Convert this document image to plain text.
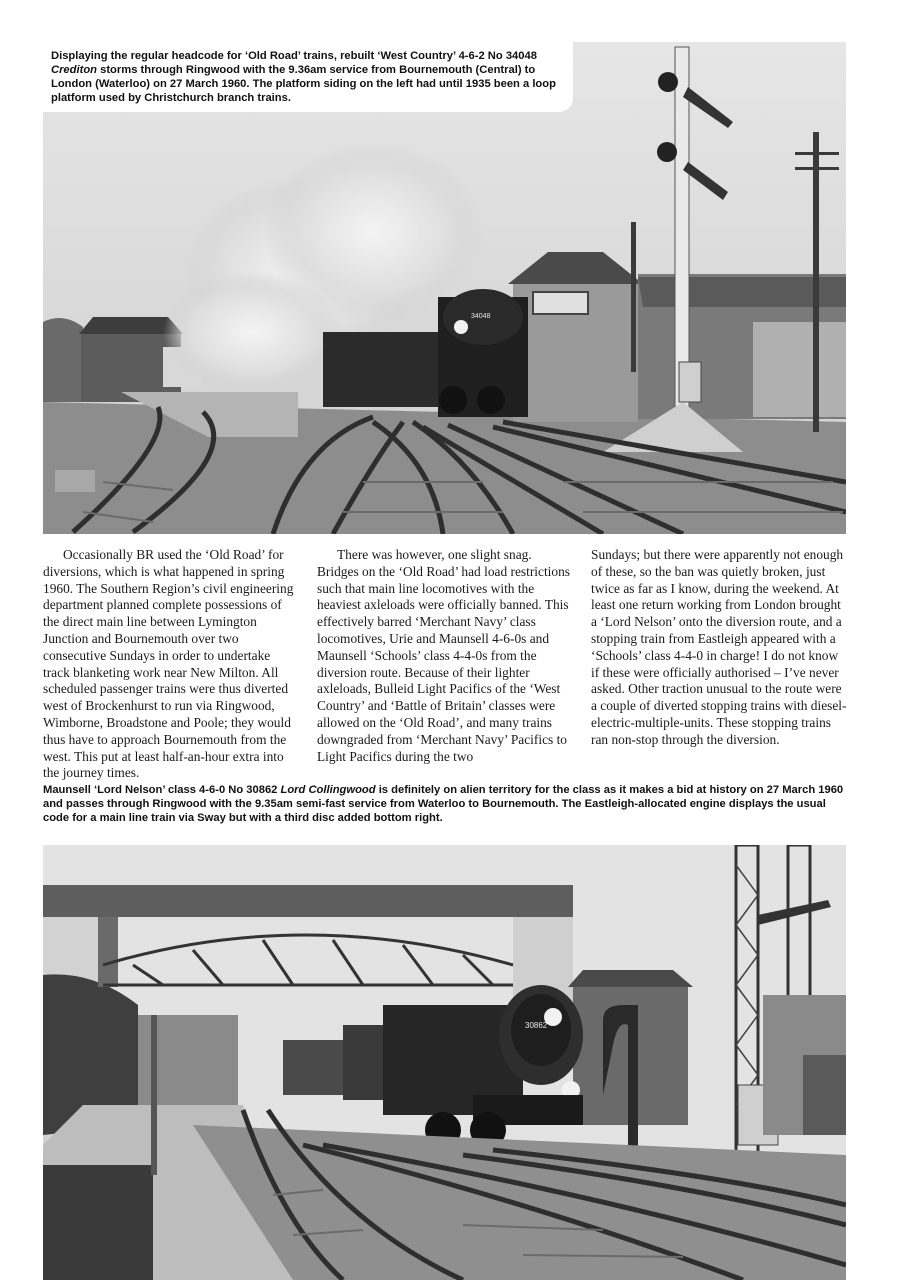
34048

Displaying the regular headcode for ‘Old Road’ trains, rebuilt ‘West Country’ 4-6-2 No 34048 Crediton storms through Ringwood with the 9.36am service from Bournemouth (Central) to London (Waterloo) on 27 March 1960. The platform siding on the left had until 1935 been a loop platform used by Christchurch branch trains.

Occasionally BR used the ‘Old Road’ for diversions, which is what happened in spring 1960. The Southern Region’s civil engineering department planned complete possessions of the direct main line between Lymington Junction and Bournemouth over two consecutive Sundays in order to undertake track blanketing work near New Milton. All scheduled passenger trains were thus diverted west of Brockenhurst to run via Ringwood, Wimborne, Broadstone and Poole; they would thus have to approach Bournemouth from the west. This put at least half-an-hour extra into the journey times.

There was however, one slight snag. Bridges on the ‘Old Road’ had load restrictions such that main line locomotives with the heaviest axleloads were officially banned. This effectively barred ‘Merchant Navy’ class locomotives, Urie and Maunsell 4-6-0s and Maunsell ‘Schools’ class 4-4-0s from the diversion route. Because of their lighter axleloads, Bulleid Light Pacifics of the ‘West Country’ and ‘Battle of Britain’ classes were allowed on the ‘Old Road’, and many trains downgraded from ‘Merchant Navy’ Pacifics to Light Pacifics during the two

Sundays; but there were apparently not enough of these, so the ban was quietly broken, just twice as far as I know, during the weekend. At least one return working from London brought a ‘Lord Nelson’ onto the diversion route, and a stopping train from Eastleigh appeared with a ‘Schools’ class 4-4-0 in charge! I do not know if these were officially authorised – I’ve never asked. Other traction unusual to the route were a couple of diverted stopping trains with diesel-electric-multiple-units. These stopping trains ran non-stop through the diversion.

Maunsell ‘Lord Nelson’ class 4-6-0 No 30862 Lord Collingwood is definitely on alien territory for the class as it makes a bid at history on 27 March 1960 and passes through Ringwood with the 9.35am semi-fast service from Waterloo to Bournemouth. The Eastleigh-allocated engine displays the usual code for a main line train via Sway but with a third disc added bottom right.

30862
